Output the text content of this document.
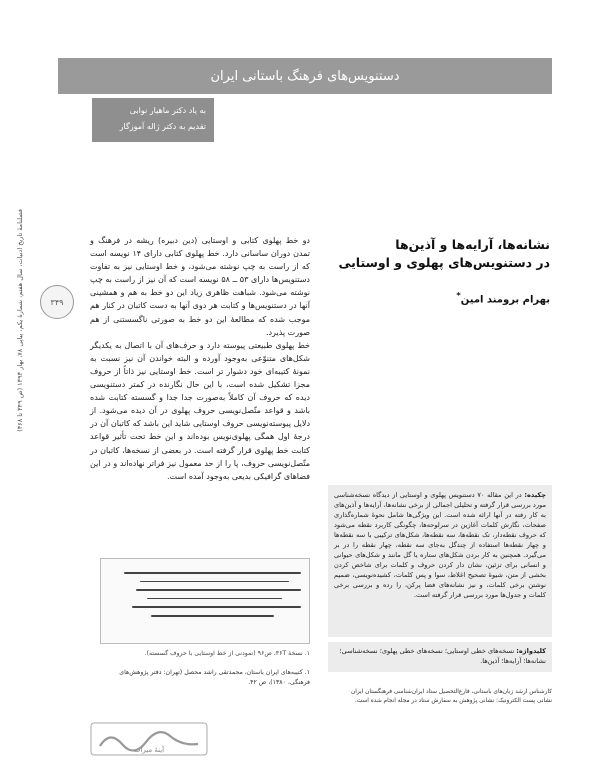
فصلنامهٔ تاریخ ادبیات، سال هفتم، شمارهٔ یکم، پیاپی ۷۸، بهار ۱۳۹۳ (ص ۳۴۹ تا ۳۶۸)
دستنویس‌های فرهنگ باستانی ایران
به یاد دکتر ماهیار نوابی
تقدیم به دکتر ژاله آموزگار
۳۴۹
نشانه‌ها، آرایه‌ها و آذین‌ها
در دستنویس‌های پهلوی و اوستایی
بهرام برومند امین*

دو خط پهلوی کتابی و اوستایی (دین دبیره) ریشه در فرهنگ و تمدن دوران ساسانی دارد. خط پهلوی کتابی دارای ۱۴ نویسه است که از راست به چپ نوشته می‌شود، و خط اوستایی نیز به تفاوت دستنویس‌ها دارای ۵۳ ــ ۵۸ نویسه است که آن نیز از راست به چپ نوشته می‌شود. شباهت ظاهری زیاد این دو خط به هم و همشینی آنها در دستنویس‌ها و کتابت هر دوی آنها به دست کاتبان در کنار هم موجب شده که مطالعهٔ این دو خط به صورتی ناگسستنی از هم صورت پذیرد.

خط پهلوی طبیعتی پیوسته دارد و حرف‌های آن با اتصال به یکدیگر شکل‌های متنوّعی به‌وجود آورده و البته خواندن آن نیز نسبت به نمونهٔ کتیبه‌ای خود دشوار تر است. خط اوستایی نیز ذاتاً از حروف مجزا تشکیل شده است، با این حال نگارنده در کمتر دستنویسی دیده که حروف آن کاملاً به‌صورت جدا جدا و گسسته کتابت شده باشد و قواعد متّصل‌نویسی حروف پهلوی در آن دیده می‌شود. از دلایل پیوسته‌نویسی حروف اوستایی شاید این باشد که کاتبان آن در درجهٔ اول همگی پهلوی‌نویس بوده‌اند و این خط تحت تأثیر قواعد کتابت خط پهلوی قرار گرفته است. در بعضی از نسخه‌ها، کاتبان در متّصل‌نویسی حروف، پا را از حد معمول نیز فراتر نهاده‌اند و در این فضاهای گرافیکی بدیعی به‌وجود آمده است.

چکیده: در این مقاله ۷۰ دستنویس پهلوی و اوستایی از دیدگاه نسخه‌شناسی مورد بررسی قرار گرفته و تحلیلی اجمالی از برخی نشانه‌ها، آرایه‌ها و آذین‌های به کار رفته در آنها ارائه شده است. این ویژگی‌ها شامل نحوهٔ شماره‌گذاری صفحات، نگارش کلمات آغازین در سرلوحه‌ها، چگونگی کاربرد نقطه می‌شود که حروف نقطه‌دار، تک نقطه‌ها، سه نقطه‌ها، شکل‌های ترکیبی با سه نقطه‌ها و چهار نقطه‌ها استفاده از چندگل به‌جای سه نقطه، چهار نقطه را در بر می‌گیرد. همچنین به کار بردن شکل‌های ستاره یا گل مانند و شکل‌های حیوانی و انسانی برای تزئین، نشان دار کردن حروف و کلمات برای شاخص کردن بخشی از متن، شیوهٔ تصحیح اغلاط، سوا و پس کلمات، کشیده‌نویسی، ضمیم نوشتن برخی کلمات، و نیز نشانه‌های فضا پرکن، را رده و بررسی برخی کلمات و جدول‌ها مورد بررسی قرار گرفته است.
کلیدواژه: نسخه‌های خطی اوستایی؛ نسخه‌های خطی پهلوی؛ نسخه‌شناسی؛ نشانه‌ها؛ آرایه‌ها؛ آذین‌ها.
کارشناس ارشد زبان‌های باستانی، فارغ‌التحصیل ستاد ایران‌شناسی فرهنگستان ایران
نشانی پست الکترونیک: نشانی پژوهش به سفارش ستاد در مجله انجام شده است.
۱. نسخهٔ ۴۶T، ص۹۶ (نمودنی از خط اوستایی با حروف گسسته).
۱. کتیبه‌های ایران باستان، محمدتقی راشد محصل (تهران: دفتر پژوهش‌های فرهنگی، ۱۳۸۰)، ص ۴۲.
آینهٔ میراث
